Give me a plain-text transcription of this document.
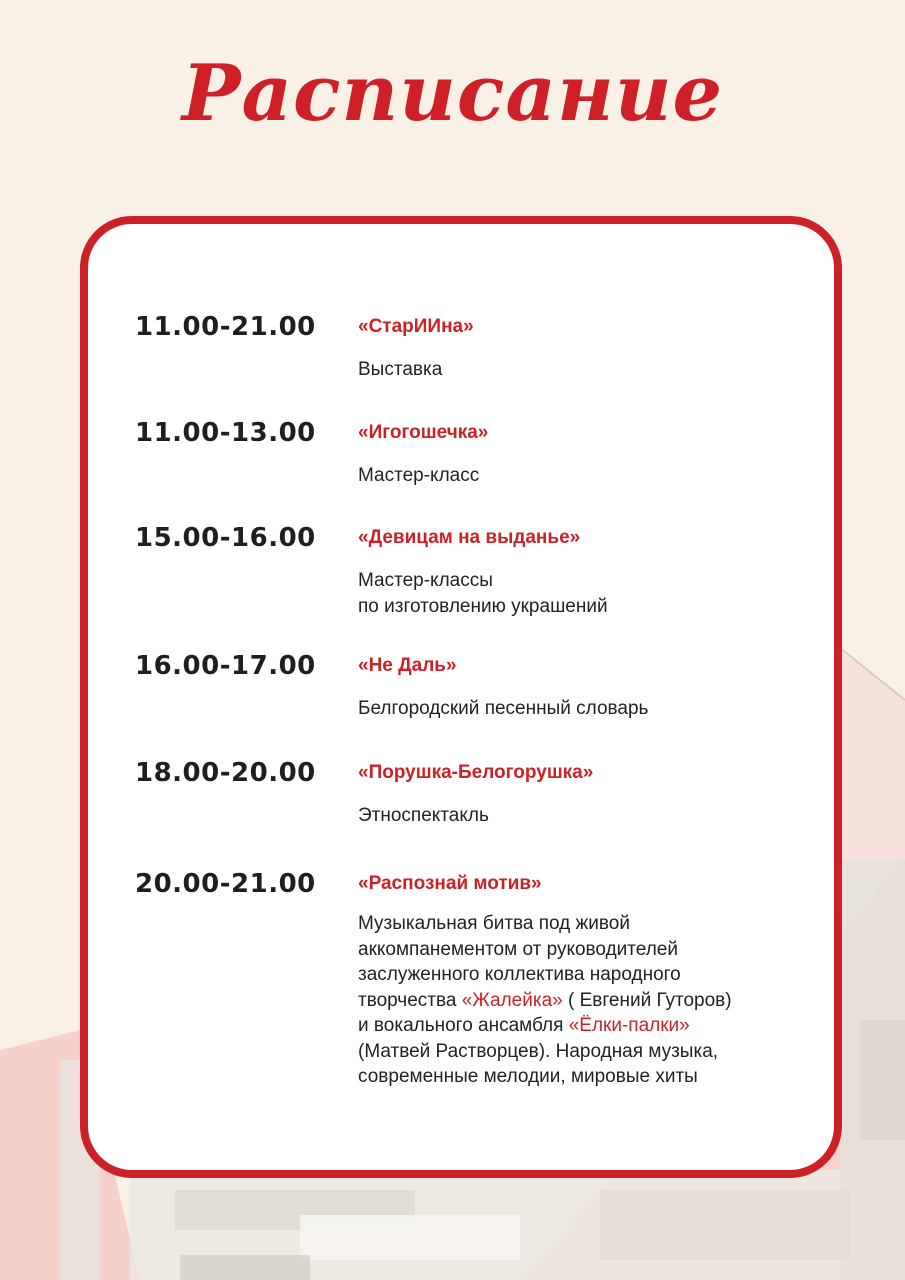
Расписание
11.00-21.00 «СтарИИна»
Выставка
11.00-13.00 «Игогошечка»
Мастер-класс
15.00-16.00 «Девицам на выданье»
Мастер-классы
по изготовлению украшений
16.00-17.00 «Не Даль»
Белгородский песенный словарь
18.00-20.00 «Порушка-Белогорушка»
Этноспектакль
20.00-21.00 «Распознай мотив»
Музыкальная битва под живой
аккомпанементом от руководителей
заслуженного коллектива народного
творчества «Жалейка» ( Евгений Гуторов)
и вокального ансамбля «Ёлки-палки»
(Матвей Растворцев). Народная музыка,
современные мелодии, мировые хиты
